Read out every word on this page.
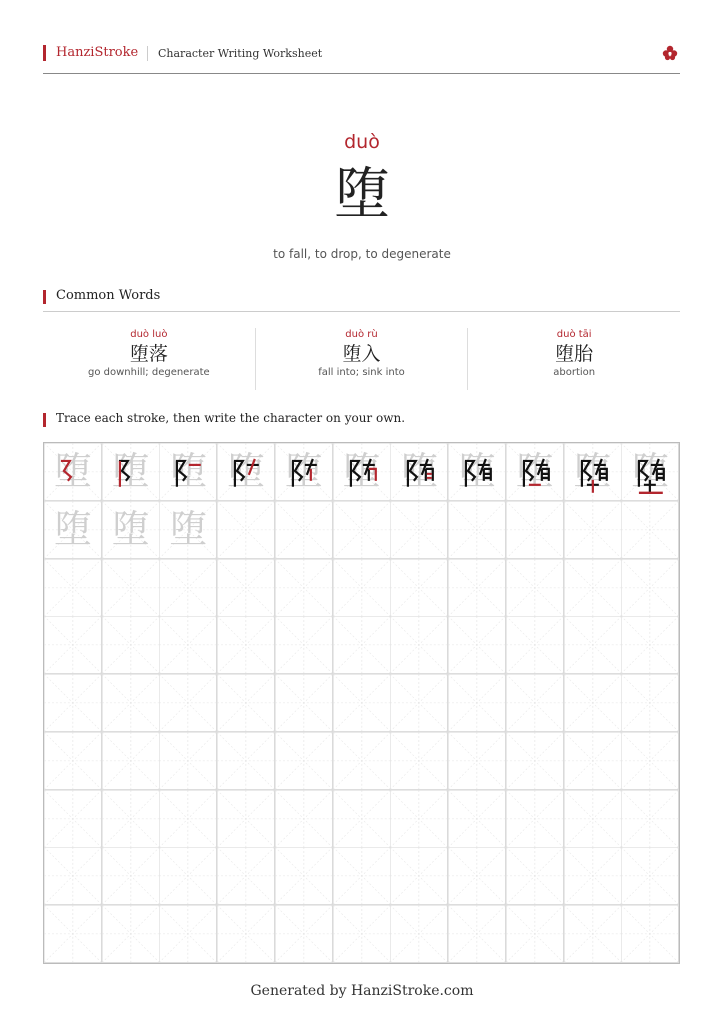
HanziStroke Character Writing Worksheet
duò
堕
to fall, to drop, to degenerate
Common Words
duò luò
堕落
go downhill; degenerate
duò rù
堕入
fall into; sink into
duò tāi
堕胎
abortion
Trace each stroke, then write the character on your own.
堕 堕 堕 堕 堕 堕 堕 堕 堕 堕 堕
堕 堕 堕
Generated by HanziStroke.com
